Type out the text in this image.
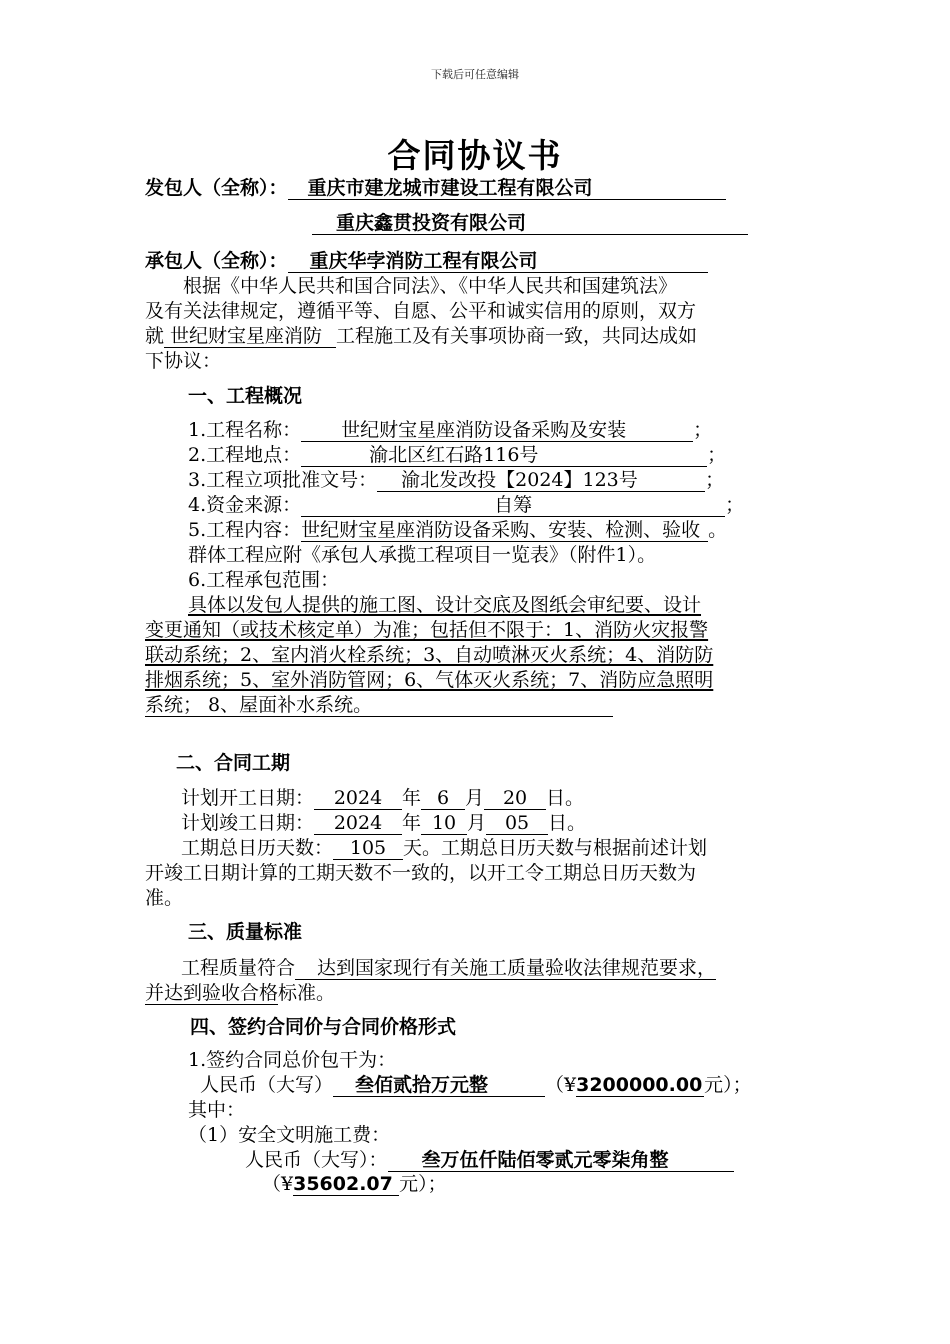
下载后可任意编辑
合同协议书
发包人（全称）： 重庆市建龙城市建设工程有限公司
重庆鑫贯投资有限公司
承包人（全称）： 重庆华孛消防工程有限公司
根据《中华人民共和国合同法》、《中华人民共和国建筑法》
及有关法律规定，遵循平等、自愿、公平和诚实信用的原则，双方
就 世纪财宝星座消防 工程施工及有关事项协商一致，共同达成如
下协议：
一、工程概况
1.工程名称： 世纪财宝星座消防设备采购及安装	；
2.工程地点：	渝北区红石路116号	；
3.工程立项批准文号： 渝北发改投【2024】123号	；
4.资金来源：	自筹	；
5.工程内容：世纪财宝星座消防设备采购、安装、检测、验收 。
群体工程应附《承包人承揽工程项目一览表》（附件1）。
6.工程承包范围：
具体以发包人提供的施工图、设计交底及图纸会审纪要、设计
变更通知（或技术核定单）为准；包括但不限于：1、消防火灾报警
联动系统；2、室内消火栓系统；3、自动喷淋灭火系统；4、消防防
排烟系统；5、室外消防管网；6、气体灭火系统；7、消防应急照明
系统； 8、屋面补水系统。
二、合同工期
计划开工日期： 2024 年 6 月 20 日。
计划竣工日期： 2024 年 10 月 05 日。
工期总日历天数： 105 天。工期总日历天数与根据前述计划
开竣工日期计算的工期天数不一致的，以开工令工期总日历天数为
准。
三、质量标准
工程质量符合 达到国家现行有关施工质量验收法律规范要求，
并达到验收合格标准。
四、签约合同价与合同价格形式
1.签约合同总价包干为：
人民币（大写） 叁佰贰拾万元整	（¥3200000.00元）；
其中：
（1）安全文明施工费：
人民币（大写）： 叁万伍仟陆佰零贰元零柒角整
（¥35602.07 元）；
